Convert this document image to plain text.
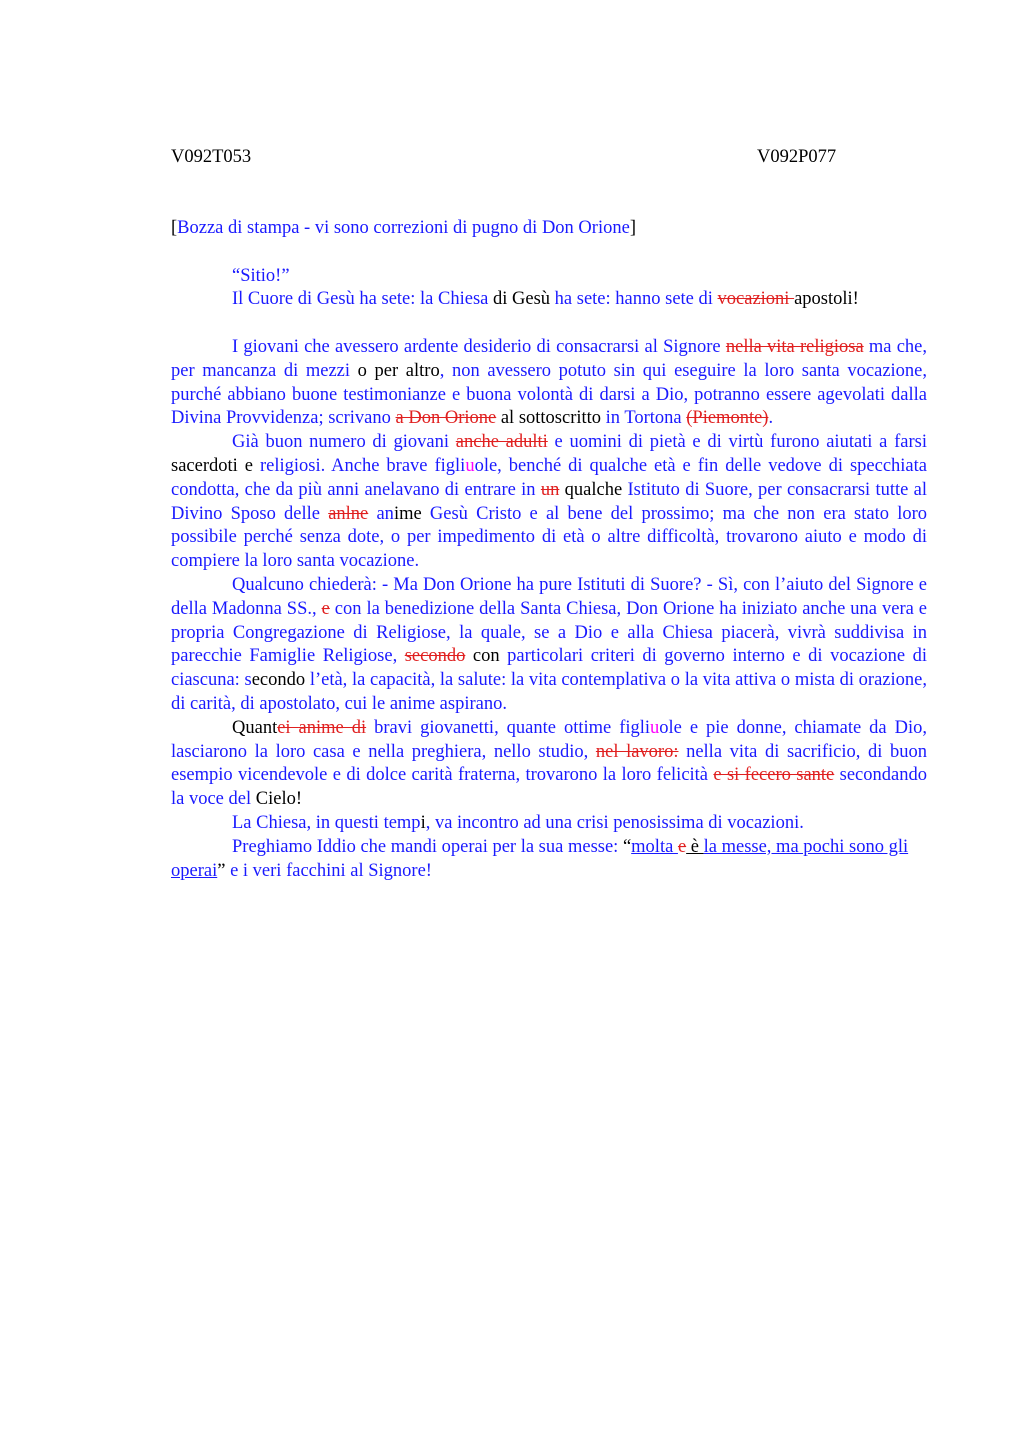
V092T053	V092P077

[Bozza di stampa - vi sono correzioni di pugno di Don Orione]

“Sitio!”

Il Cuore di Gesù ha sete: la Chiesa di Gesù ha sete: hanno sete di vocazioni apostoli!

I giovani che avessero ardente desiderio di consacrarsi al Signore nella vita religiosa ma che, per mancanza di mezzi o per altro, non avessero potuto sin qui eseguire la loro santa vocazione, purché abbiano buone testimonianze e buona volontà di darsi a Dio, potranno essere agevolati dalla Divina Provvidenza; scrivano a Don Orione al sottoscritto in Tortona (Piemonte).

Già buon numero di giovani anche adulti e uomini di pietà e di virtù furono aiutati a farsi sacerdoti e religiosi. Anche brave figliuole, benché di qualche età e fin delle vedove di specchiata condotta, che da più anni anelavano di entrare in un qualche Istituto di Suore, per consacrarsi tutte al Divino Sposo delle anlne anime Gesù Cristo e al bene del prossimo; ma che non era stato loro possibile perché senza dote, o per impedimento di età o altre difficoltà, trovarono aiuto e modo di compiere la loro santa vocazione.

Qualcuno chiederà: - Ma Don Orione ha pure Istituti di Suore? - Sì, con l’aiuto del Signore e della Madonna SS., e con la benedizione della Santa Chiesa, Don Orione ha iniziato anche una vera e propria Congregazione di Religiose, la quale, se a Dio e alla Chiesa piacerà, vivrà suddivisa in parecchie Famiglie Religiose, secondo con particolari criteri di governo interno e di vocazione di ciascuna: secondo l’età, la capacità, la salute: la vita contemplativa o la vita attiva o mista di orazione, di carità, di apostolato, cui le anime aspirano.

Quantei anime di bravi giovanetti, quante ottime figliuole e pie donne, chiamate da Dio, lasciarono la loro casa e nella preghiera, nello studio, nel lavoro: nella vita di sacrificio, di buon esempio vicendevole e di dolce carità fraterna, trovarono la loro felicità e si fecero sante secondando la voce del Cielo!

La Chiesa, in questi tempi, va incontro ad una crisi penosissima di vocazioni.

Preghiamo Iddio che mandi operai per la sua messe: “molta e è la messe, ma pochi sono gli operai” e i veri facchini al Signore!
